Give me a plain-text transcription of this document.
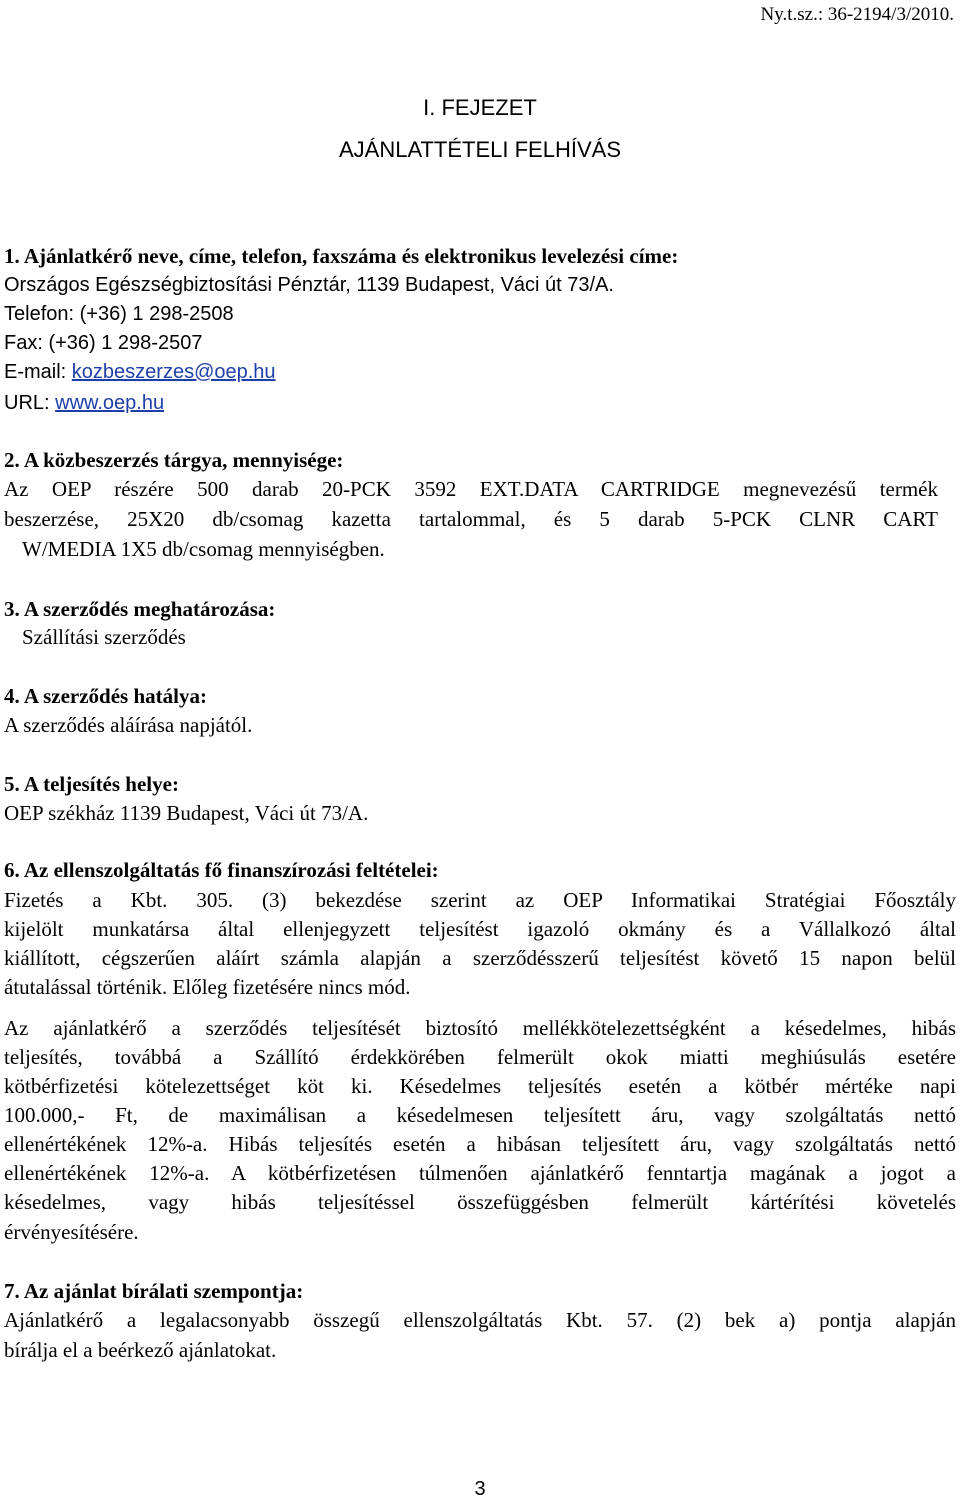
Ny.t.sz.: 36-2194/3/2010.
I. FEJEZET
AJÁNLATTÉTELI FELHÍVÁS
1. Ajánlatkérő neve, címe, telefon, faxszáma és elektronikus levelezési címe:
Országos Egészségbiztosítási Pénztár, 1139 Budapest, Váci út 73/A.
Telefon: (+36) 1 298-2508
Fax: (+36) 1 298-2507
E-mail: kozbeszerzes@oep.hu
URL: www.oep.hu
2. A közbeszerzés tárgya, mennyisége:
Az OEP részére 500 darab 20-PCK 3592 EXT.DATA CARTRIDGE megnevezésű termék
beszerzése, 25X20 db/csomag kazetta tartalommal, és 5 darab 5-PCK CLNR CART
W/MEDIA 1X5 db/csomag mennyiségben.
3. A szerződés meghatározása:
Szállítási szerződés
4. A szerződés hatálya:
A szerződés aláírása napjától.
5. A teljesítés helye:
OEP székház 1139 Budapest, Váci út 73/A.
6. Az ellenszolgáltatás fő finanszírozási feltételei:
Fizetés a Kbt. 305. (3) bekezdése szerint az OEP Informatikai Stratégiai Főosztály
kijelölt munkatársa által ellenjegyzett teljesítést igazoló okmány és a Vállalkozó által
kiállított, cégszerűen aláírt számla alapján a szerződésszerű teljesítést követő 15 napon belül
átutalással történik. Előleg fizetésére nincs mód.
Az ajánlatkérő a szerződés teljesítését biztosító mellékkötelezettségként a késedelmes, hibás
teljesítés, továbbá a Szállító érdekkörében felmerült okok miatti meghiúsulás esetére
kötbérfizetési kötelezettséget köt ki. Késedelmes teljesítés esetén a kötbér mértéke napi
100.000,- Ft, de maximálisan a késedelmesen teljesített áru, vagy szolgáltatás nettó
ellenértékének 12%-a. Hibás teljesítés esetén a hibásan teljesített áru, vagy szolgáltatás nettó
ellenértékének 12%-a. A kötbérfizetésen túlmenően ajánlatkérő fenntartja magának a jogot a
késedelmes, vagy hibás teljesítéssel összefüggésben felmerült kártérítési követelés
érvényesítésére.
7. Az ajánlat bírálati szempontja:
Ajánlatkérő a legalacsonyabb összegű ellenszolgáltatás Kbt. 57. (2) bek a) pontja alapján
bírálja el a beérkező ajánlatokat.
3
